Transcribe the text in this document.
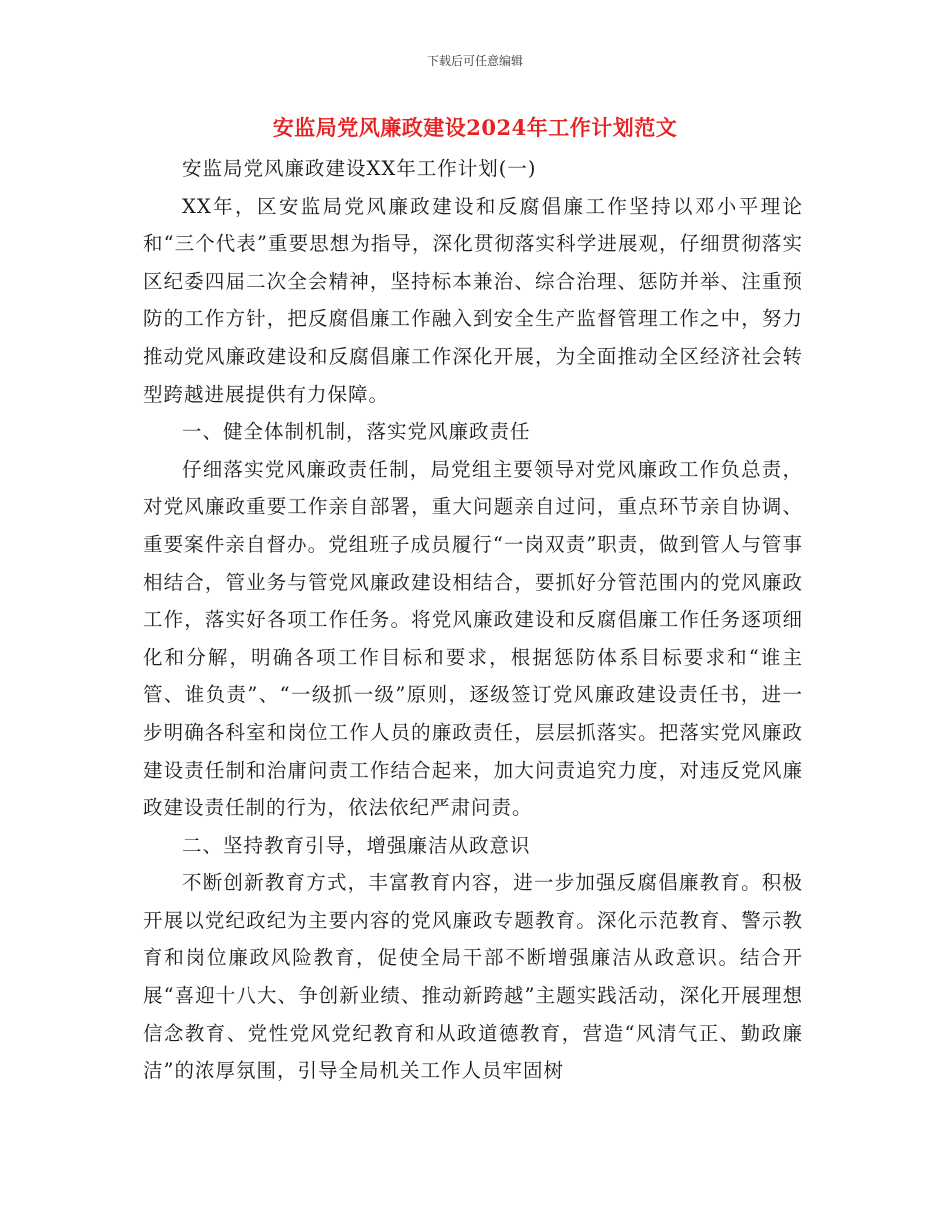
下载后可任意编辑
安监局党风廉政建设2024年工作计划范文

安监局党风廉政建设XX年工作计划(一)

XX年，区安监局党风廉政建设和反腐倡廉工作坚持以邓小平理论和“三个代表”重要思想为指导，深化贯彻落实科学进展观，仔细贯彻落实区纪委四届二次全会精神，坚持标本兼治、综合治理、惩防并举、注重预防的工作方针，把反腐倡廉工作融入到安全生产监督管理工作之中，努力推动党风廉政建设和反腐倡廉工作深化开展，为全面推动全区经济社会转型跨越进展提供有力保障。

一、健全体制机制，落实党风廉政责任

仔细落实党风廉政责任制，局党组主要领导对党风廉政工作负总责，对党风廉政重要工作亲自部署，重大问题亲自过问，重点环节亲自协调、重要案件亲自督办。党组班子成员履行“一岗双责”职责，做到管人与管事相结合，管业务与管党风廉政建设相结合，要抓好分管范围内的党风廉政工作，落实好各项工作任务。将党风廉政建设和反腐倡廉工作任务逐项细化和分解，明确各项工作目标和要求，根据惩防体系目标要求和“谁主管、谁负责”、“一级抓一级”原则，逐级签订党风廉政建设责任书，进一步明确各科室和岗位工作人员的廉政责任，层层抓落实。把落实党风廉政建设责任制和治庸问责工作结合起来，加大问责追究力度，对违反党风廉政建设责任制的行为，依法依纪严肃问责。

二、坚持教育引导，增强廉洁从政意识

不断创新教育方式，丰富教育内容，进一步加强反腐倡廉教育。积极开展以党纪政纪为主要内容的党风廉政专题教育。深化示范教育、警示教育和岗位廉政风险教育，促使全局干部不断增强廉洁从政意识。结合开展“喜迎十八大、争创新业绩、推动新跨越”主题实践活动，深化开展理想信念教育、党性党风党纪教育和从政道德教育，营造“风清气正、勤政廉洁”的浓厚氛围，引导全局机关工作人员牢固树
